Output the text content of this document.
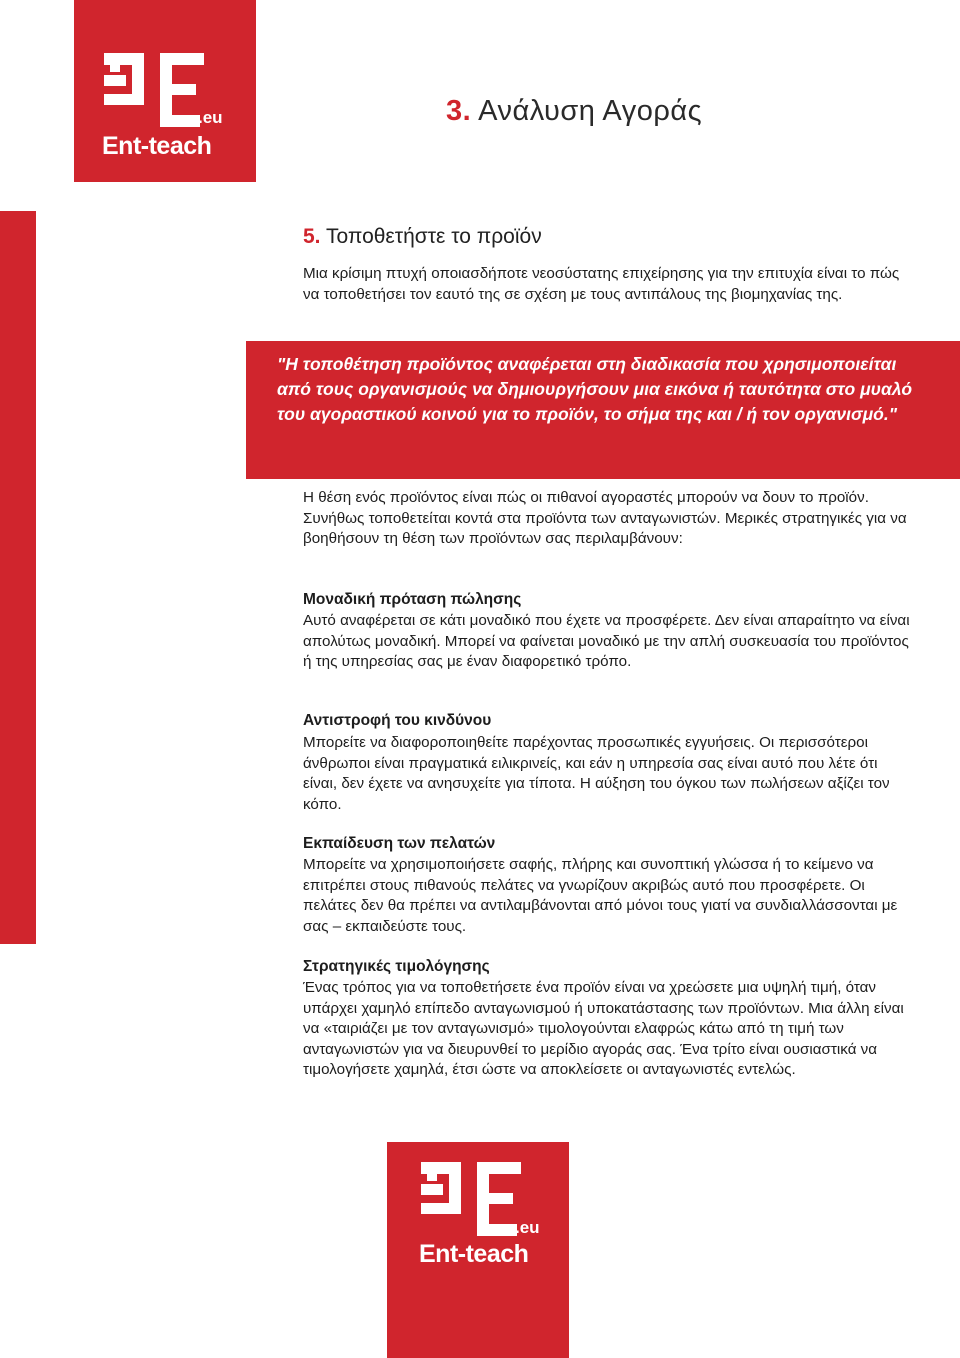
.eu
Ent-teach
3. Ανάλυση Αγοράς
5. Τοποθετήστε το προϊόν
Μια κρίσιμη πτυχή οποιασδήποτε νεοσύστατης επιχείρησης για την επιτυχία είναι το πώς να τοποθετήσει τον εαυτό της σε σχέση με τους αντιπάλους της βιομηχανίας της.
"Η τοποθέτηση προϊόντος αναφέρεται στη διαδικασία που χρησιμοποιείται από τους οργανισμούς να δημιουργήσουν μια εικόνα ή ταυτότητα στο μυαλό του αγοραστικού κοινού για το προϊόν, το σήμα της και / ή τον οργανισμό."
Η θέση ενός προϊόντος είναι πώς οι πιθανοί αγοραστές μπορούν να δουν το προϊόν. Συνήθως τοποθετείται κοντά στα προϊόντα των ανταγωνιστών. Μερικές στρατηγικές για να βοηθήσουν τη θέση των προϊόντων σας περιλαμβάνουν:
Μοναδική πρόταση πώλησης
Αυτό αναφέρεται σε κάτι μοναδικό που έχετε να προσφέρετε. Δεν είναι απαραίτητο να είναι απολύτως μοναδική. Μπορεί να φαίνεται μοναδικό με την απλή συσκευασία του προϊόντος ή της υπηρεσίας σας με έναν διαφορετικό τρόπο.
Αντιστροφή του κινδύνου
Μπορείτε να διαφοροποιηθείτε παρέχοντας προσωπικές εγγυήσεις. Οι περισσότεροι άνθρωποι είναι πραγματικά ειλικρινείς, και εάν η υπηρεσία σας είναι αυτό που λέτε ότι είναι, δεν έχετε να ανησυχείτε για τίποτα. Η αύξηση του όγκου των πωλήσεων αξίζει τον κόπο.
Εκπαίδευση των πελατών
Μπορείτε να χρησιμοποιήσετε σαφής, πλήρης και συνοπτική γλώσσα ή το κείμενο να επιτρέπει στους πιθανούς πελάτες να γνωρίζουν ακριβώς αυτό που προσφέρετε. Οι πελάτες δεν θα πρέπει να αντιλαμβάνονται από μόνοι τους γιατί να συνδιαλλάσσονται με σας – εκπαιδεύστε τους.
Στρατηγικές τιμολόγησης
Ένας τρόπος για να τοποθετήσετε ένα προϊόν είναι να χρεώσετε μια υψηλή τιμή, όταν υπάρχει χαμηλό επίπεδο ανταγωνισμού ή υποκατάστασης των προϊόντων. Μια άλλη είναι να «ταιριάζει με τον ανταγωνισμό» τιμολογούνται ελαφρώς κάτω από τη τιμή των ανταγωνιστών για να διευρυνθεί το μερίδιο αγοράς σας. Ένα τρίτο είναι ουσιαστικά να τιμολογήσετε χαμηλά, έτσι ώστε να αποκλείσετε οι ανταγωνιστές εντελώς.
.eu
Ent-teach
